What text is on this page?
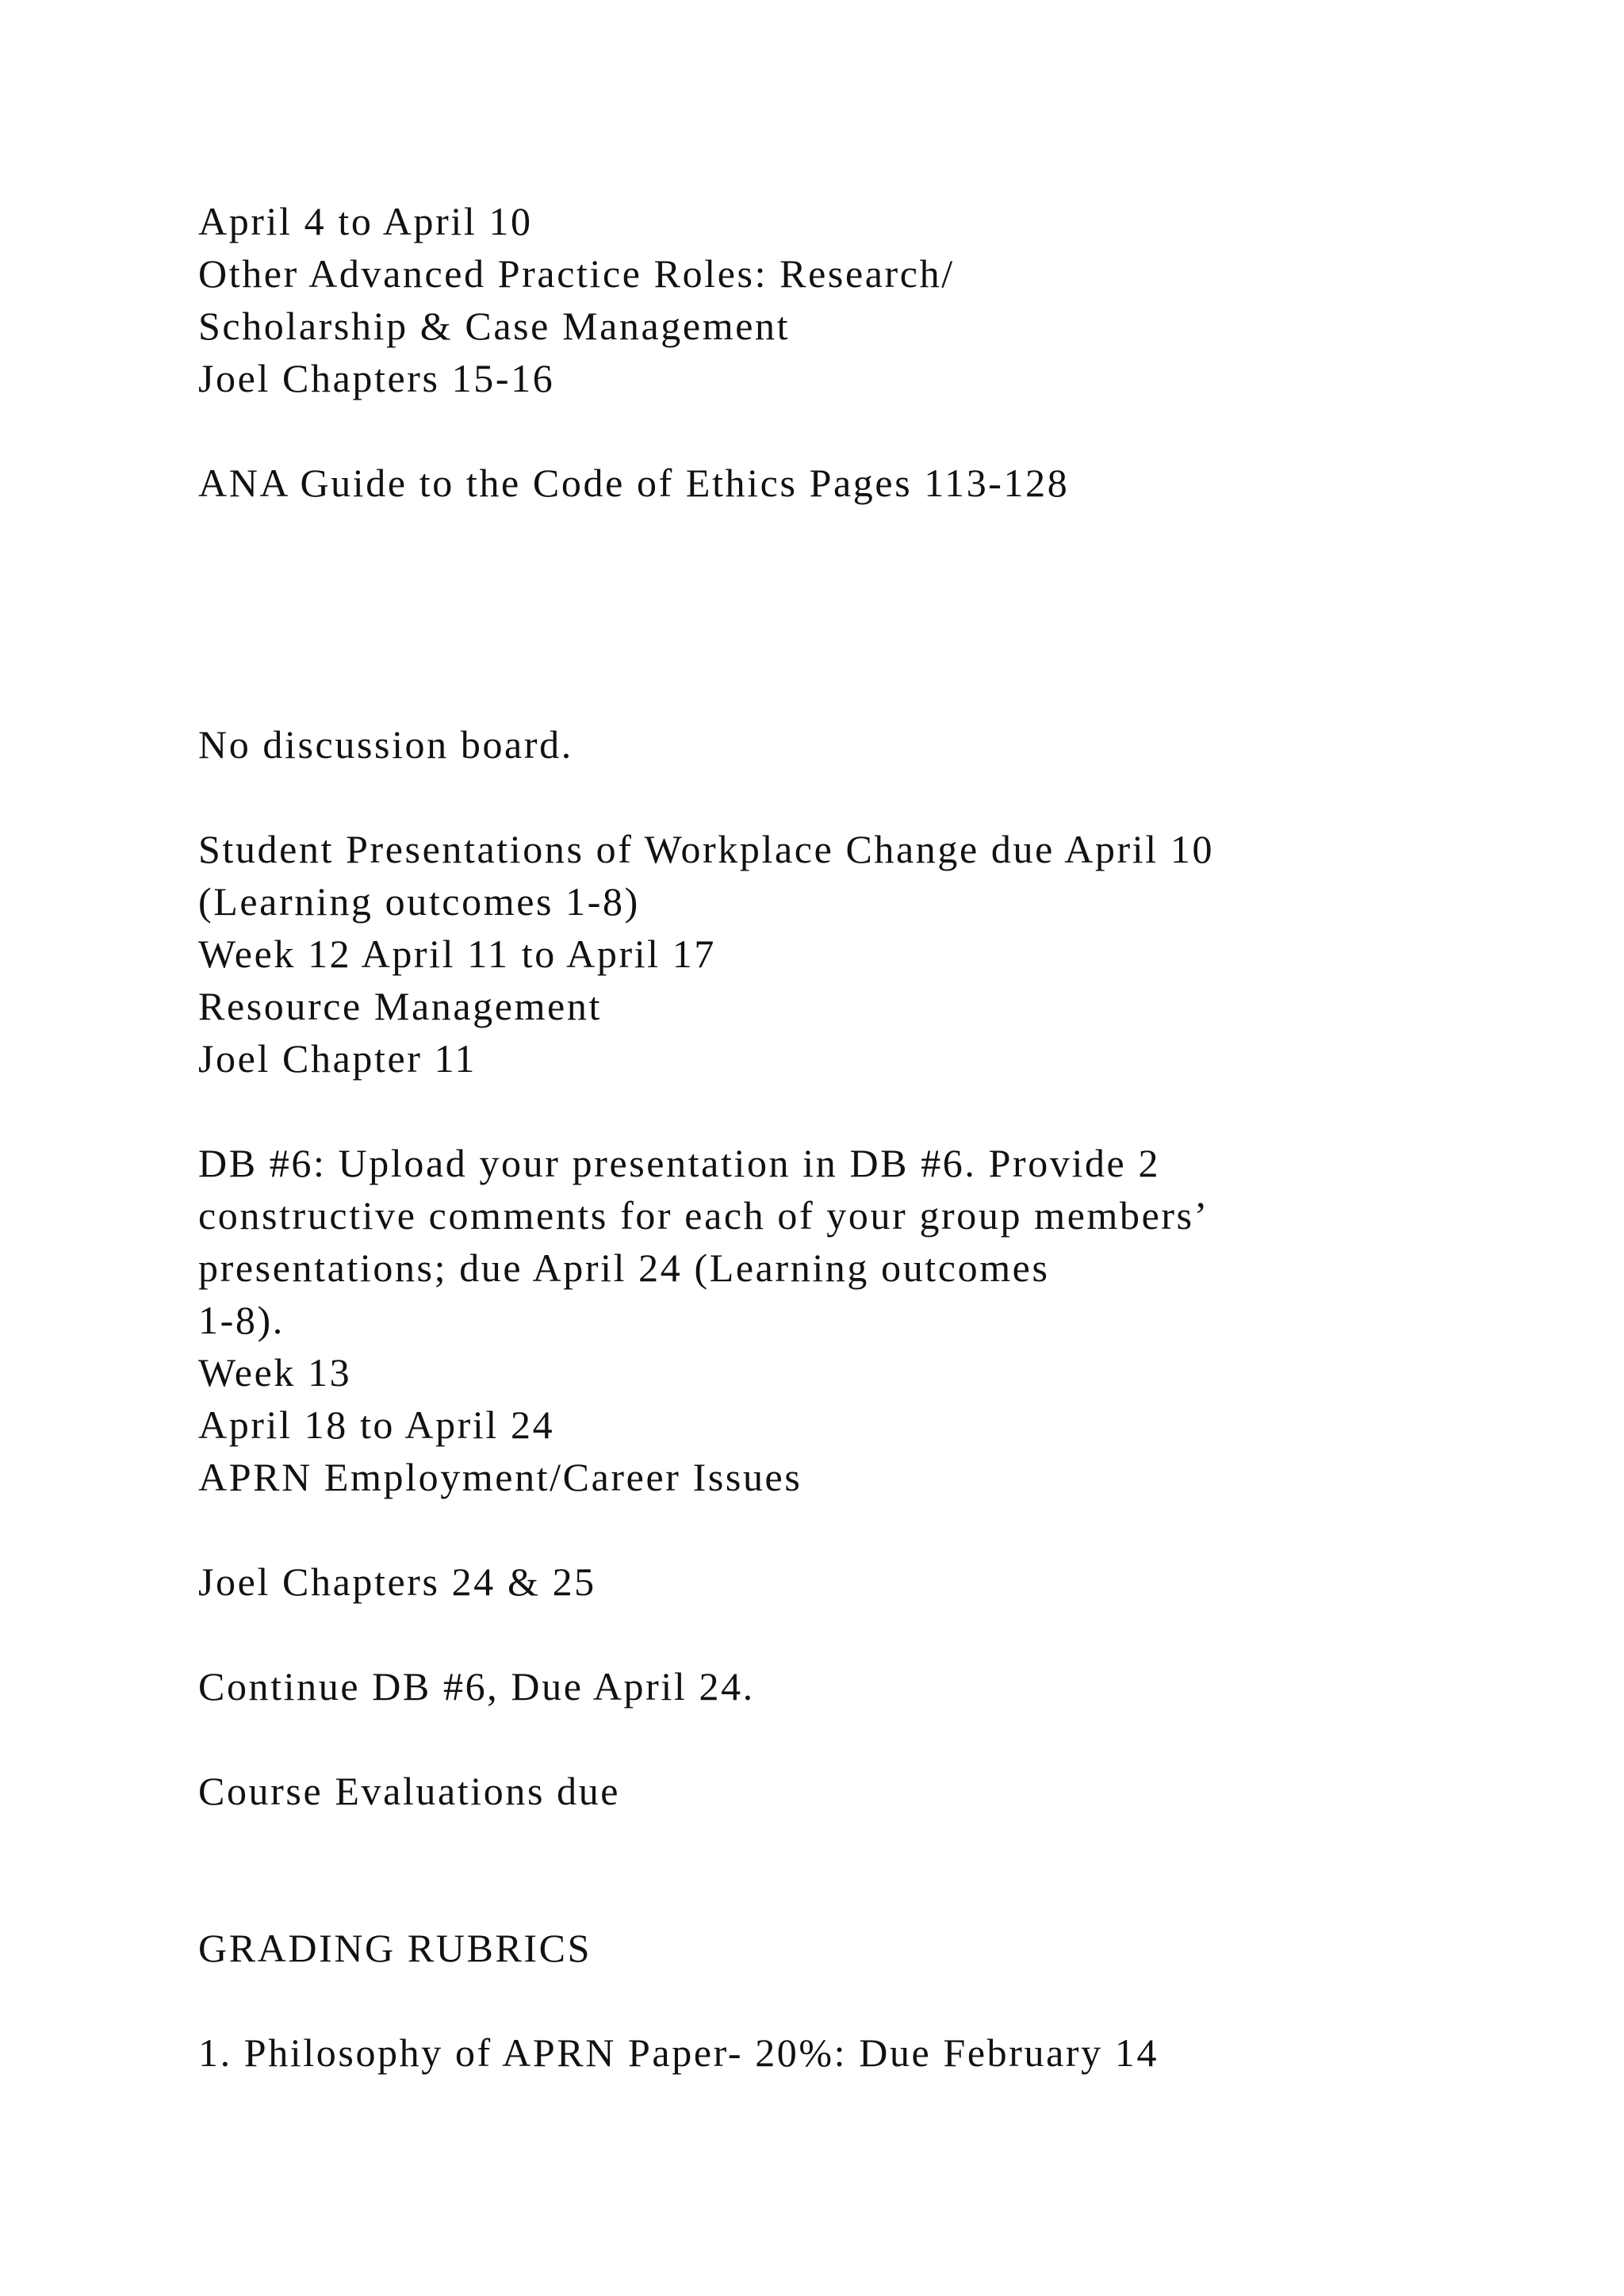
April 4 to April 10
Other Advanced Practice Roles: Research/
Scholarship & Case Management
Joel Chapters 15-16
ANA Guide to the Code of Ethics Pages 113-128
No discussion board.
Student Presentations of Workplace Change due April 10
(Learning outcomes 1-8)
Week 12 April 11 to April 17
Resource Management
Joel Chapter 11
DB #6: Upload your presentation in DB #6. Provide 2
constructive comments for each of your group members’
presentations; due April 24 (Learning outcomes
1-8).
Week 13
April 18 to April 24
APRN Employment/Career Issues
Joel Chapters 24 & 25
Continue DB #6, Due April 24.
Course Evaluations due
GRADING RUBRICS
1. Philosophy of APRN Paper- 20%: Due February 14
